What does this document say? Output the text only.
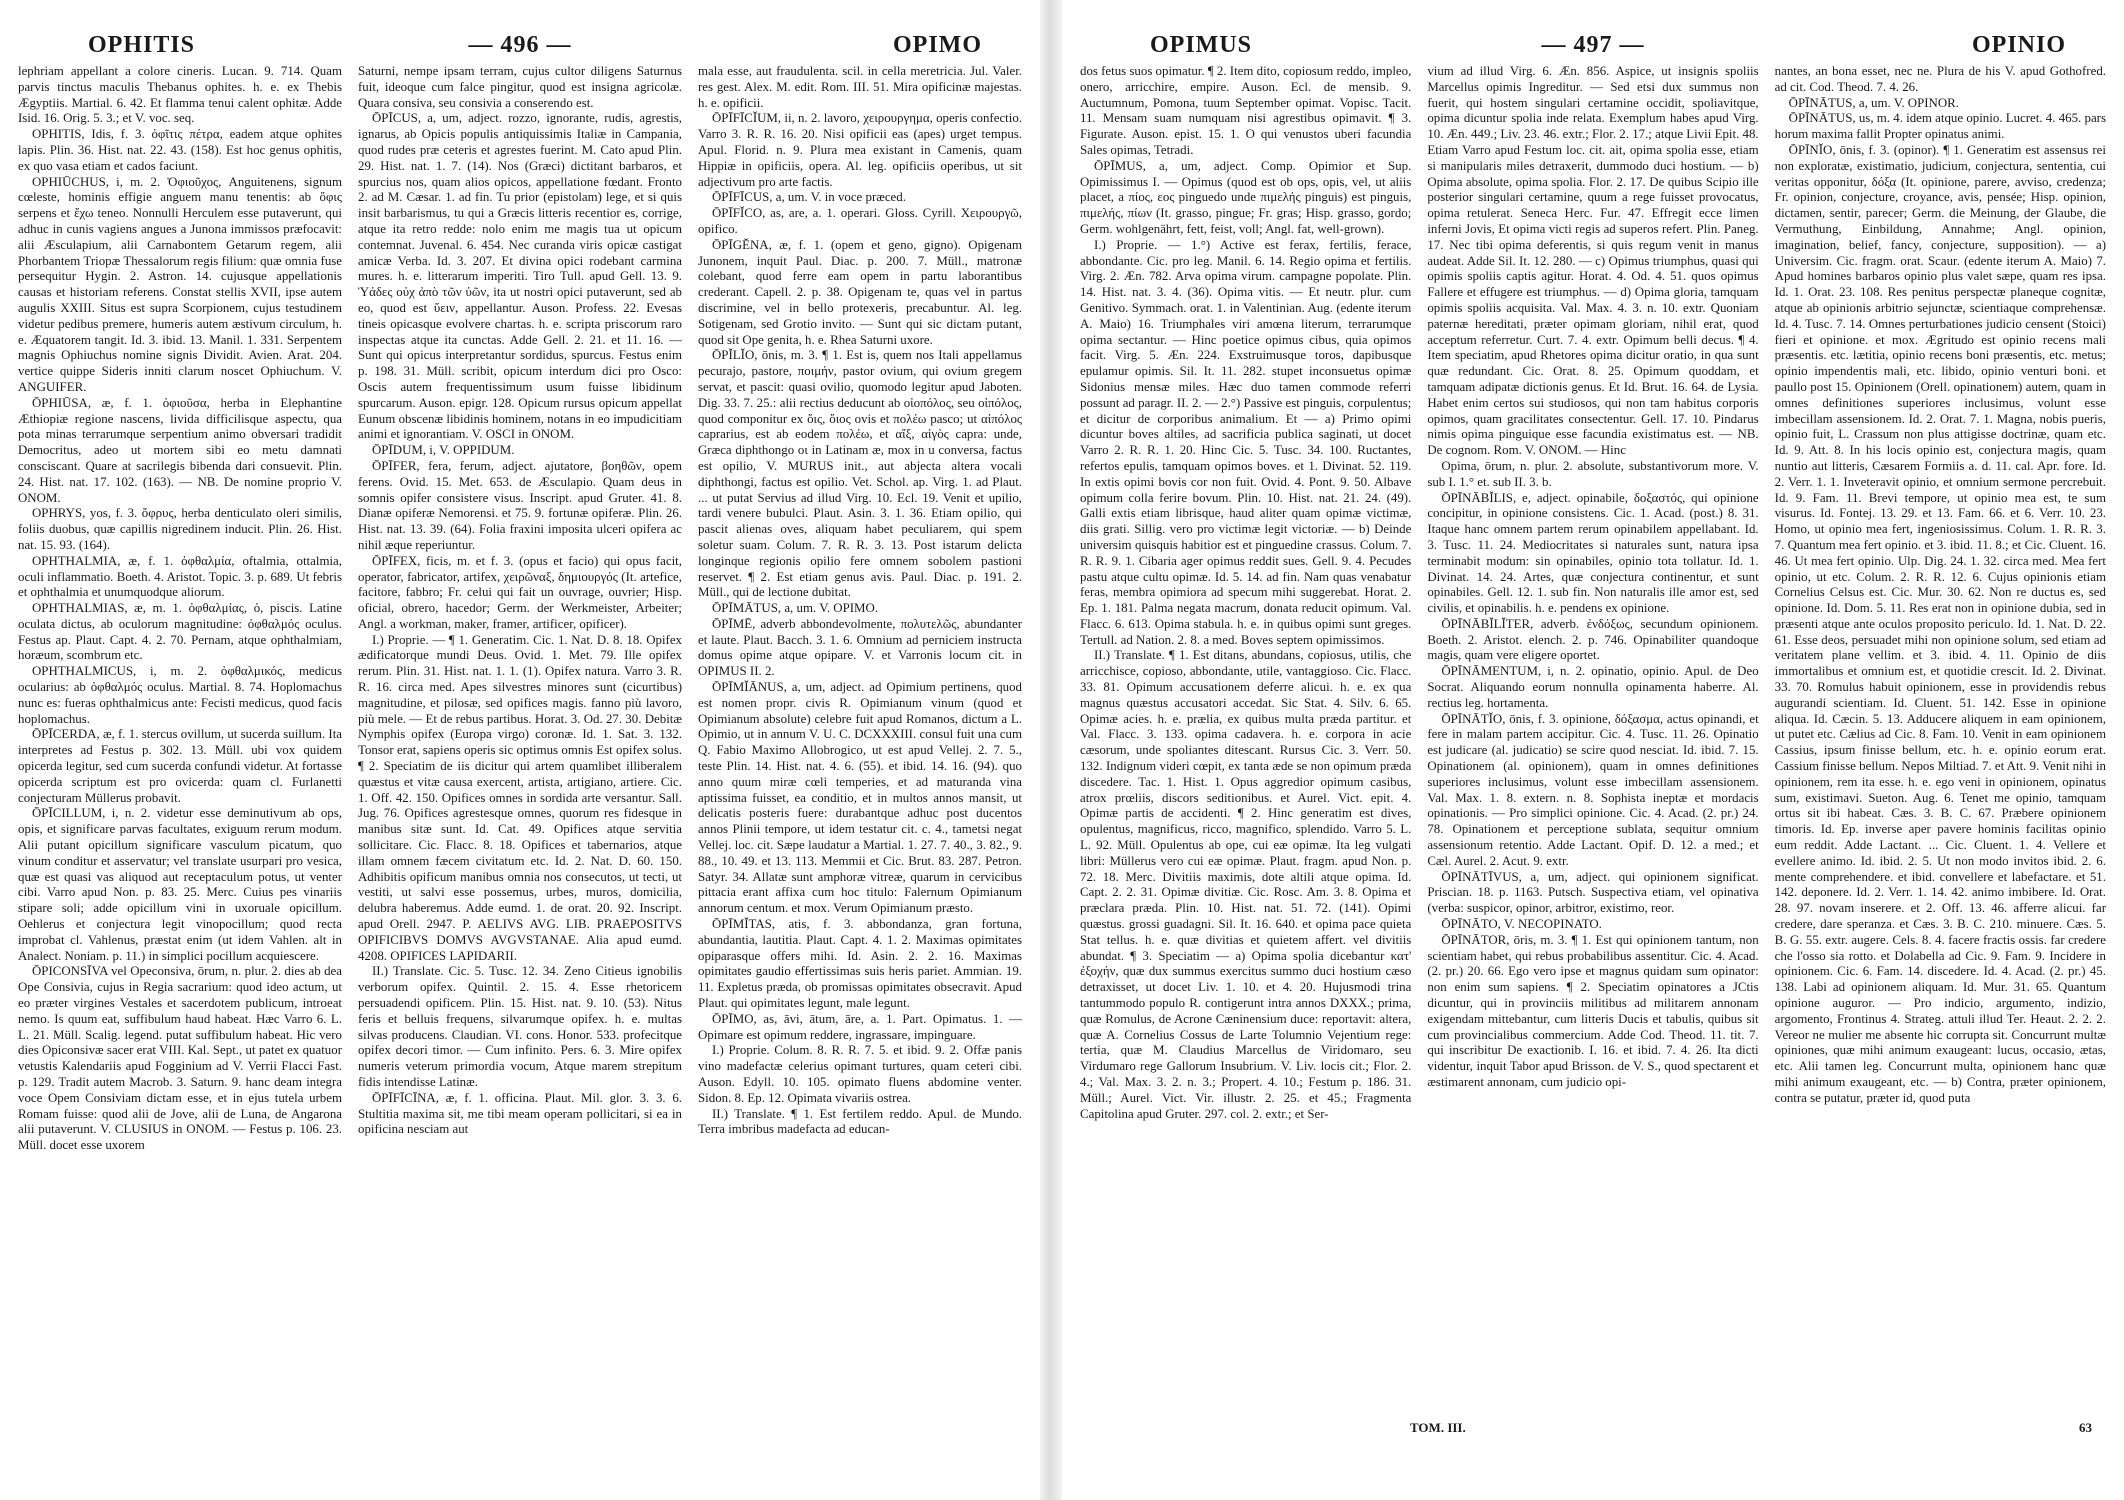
OPHITIS	— 496 —	OPIMO

lephriam appellant a colore cineris. Lucan. 9. 714. Quam parvis tinctus maculis Thebanus ophites. h. e. ex Thebis Ægyptiis. Martial. 6. 42. Et flamma tenui calent ophitæ. Adde Isid. 16. Orig. 5. 3.; et V. voc. seq.

OPHITIS, Idis, f. 3. ὀφῖτις πέτρα, eadem atque ophites lapis. Plin. 36. Hist. nat. 22. 43. (158). Est hoc genus ophitis, ex quo vasa etiam et cados faciunt.

OPHIŪCHUS, i, m. 2. Ὀφιοῦχος, Anguitenens, signum cœleste, hominis effigie anguem manu tenentis: ab ὄφις serpens et ἔχω teneo. Nonnulli Herculem esse putaverunt, qui adhuc in cunis vagiens angues a Junona immissos præfocavit: alii Æsculapium, alii Carnabontem Getarum regem, alii Phorbantem Triopæ Thessalorum regis filium: quæ omnia fuse persequitur Hygin. 2. Astron. 14. cujusque appellationis causas et historiam referens. Constat stellis XVII, ipse autem augulis XXIII. Situs est supra Scorpionem, cujus testudinem videtur pedibus premere, humeris autem æstivum circulum, h. e. Æquatorem tangit. Id. 3. ibid. 13. Manil. 1. 331. Serpentem magnis Ophiuchus nomine signis Dividit. Avien. Arat. 204. vertice quippe Sideris inniti clarum noscet Ophiuchum. V. ANGUIFER.

ŌPHIŪSA, æ, f. 1. ὀφιοῦσα, herba in Elephantine Æthiopiæ regione nascens, livida difficilisque aspectu, qua pota minas terrarumque serpentium animo obversari tradidit Democritus, adeo ut mortem sibi eo metu damnati consciscant. Quare at sacrilegis bibenda dari consuevit. Plin. 24. Hist. nat. 17. 102. (163). — NB. De nomine proprio V. ONOM.

OPHRYS, yos, f. 3. ὄφρυς, herba denticulato oleri similis, foliis duobus, quæ capillis nigredinem inducit. Plin. 26. Hist. nat. 15. 93. (164).

OPHTHALMIA, æ, f. 1. ὀφθαλμία, oftalmia, ottalmia, oculi inflammatio. Boeth. 4. Aristot. Topic. 3. p. 689. Ut febris et ophthalmia et unumquodque aliorum.

OPHTHALMIAS, æ, m. 1. ὀφθαλμίας, ὁ, piscis. Latine oculata dictus, ab oculorum magnitudine: ὀφθαλμός oculus. Festus ap. Plaut. Capt. 4. 2. 70. Pernam, atque ophthalmiam, horæum, scombrum etc.

OPHTHALMICUS, i, m. 2. ὀφθαλμικός, medicus ocularius: ab ὀφθαλμός oculus. Martial. 8. 74. Hoplomachus nunc es: fueras ophthalmicus ante: Fecisti medicus, quod facis hoplomachus.

ŌPĪCERDA, æ, f. 1. stercus ovillum, ut sucerda suillum. Ita interpretes ad Festus p. 302. 13. Müll. ubi vox quidem opicerda legitur, sed cum sucerda confundi videtur. At fortasse opicerda scriptum est pro ovicerda: quam cl. Furlanetti conjecturam Müllerus probavit.

ŌPĪCILLUM, i, n. 2. videtur esse deminutivum ab ops, opis, et significare parvas facultates, exiguum rerum modum. Alii putant opicillum significare vasculum picatum, quo vinum conditur et asservatur; vel translate usurpari pro vesica, quæ est quasi vas aliquod aut receptaculum potus, ut venter cibi. Varro apud Non. p. 83. 25. Merc. Cuius pes vinariis stipare soli; adde opicillum vini in uxoruale opicillum. Oehlerus et conjectura legit vinopocillum; quod recta improbat cl. Vahlenus, præstat enim (ut idem Vahlen. alt in Analect. Noniam. p. 11.) in simplici pocillum acquiescere.

ŌPICONSĪVA vel Opeconsiva, ōrum, n. plur. 2. dies ab dea Ope Consivia, cujus in Regia sacrarium: quod ideo actum, ut eo præter virgines Vestales et sacerdotem publicum, introeat nemo. Is quum eat, suffibulum haud habeat. Hæc Varro 6. L. L. 21. Müll. Scalig. legend. putat suffibulum habeat. Hic vero dies Opiconsivæ sacer erat VIII. Kal. Sept., ut patet ex quatuor vetustis Kalendariis apud Fogginium ad V. Verrii Flacci Fast. p. 129. Tradit autem Macrob. 3. Saturn. 9. hanc deam integra voce Opem Consiviam dictam esse, et in ejus tutela urbem Romam fuisse: quod alii de Jove, alii de Luna, de Angarona alii putaverunt. V. CLUSIUS in ONOM. — Festus p. 106. 23. Müll. docet esse uxorem

Saturni, nempe ipsam terram, cujus cultor diligens Saturnus fuit, ideoque cum falce pingitur, quod est insigna agricolæ. Quara consiva, seu consivia a conserendo est.

ŌPĪCUS, a, um, adject. rozzo, ignorante, rudis, agrestis, ignarus, ab Opicis populis antiquissimis Italiæ in Campania, quod rudes præ ceteris et agrestes fuerint. M. Cato apud Plin. 29. Hist. nat. 1. 7. (14). Nos (Græci) dictitant barbaros, et spurcius nos, quam alios opicos, appellatione fœdant. Fronto 2. ad M. Cæsar. 1. ad fin. Tu prior (epistolam) lege, et si quis insit barbarismus, tu qui a Græcis litteris recentior es, corrige, atque ita retro redde: nolo enim me magis tua ut opicum contemnat. Juvenal. 6. 454. Nec curanda viris opicæ castigat amicæ Verba. Id. 3. 207. Et divina opici rodebant carmina mures. h. e. litterarum imperiti. Tiro Tull. apud Gell. 13. 9. Ὑάδες οὐχ ἀπὸ τῶν ὑῶν, ita ut nostri opici putaverunt, sed ab eo, quod est ὕειν, appellantur. Auson. Profess. 22. Evesas tineis opicasque evolvere chartas. h. e. scripta priscorum raro inspectas atque ita cunctas. Adde Gell. 2. 21. et 11. 16. — Sunt qui opicus interpretantur sordidus, spurcus. Festus enim p. 198. 31. Müll. scribit, opicum interdum dici pro Osco: Oscis autem frequentissimum usum fuisse libidinum spurcarum. Auson. epigr. 128. Opicum rursus opicum appellat Eunum obscenæ libidinis hominem, notans in eo impudicitiam animi et ignorantiam. V. OSCI in ONOM.

ŌPĪDUM, i, V. OPPIDUM.

ŌPĪFER, fera, ferum, adject. ajutatore, βοηθῶν, opem ferens. Ovid. 15. Met. 653. de Æsculapio. Quam deus in somnis opifer consistere visus. Inscript. apud Gruter. 41. 8. Dianæ opiferæ Nemorensi. et 75. 9. fortunæ opiferæ. Plin. 26. Hist. nat. 13. 39. (64). Folia fraxini imposita ulceri opifera ac nihil æque reperiuntur.

ŌPĪFEX, ficis, m. et f. 3. (opus et facio) qui opus facit, operator, fabricator, artifex, χειρῶναξ, δημιουργός (It. artefice, facitore, fabbro; Fr. celui qui fait un ouvrage, ouvrier; Hisp. oficial, obrero, hacedor; Germ. der Werkmeister, Arbeiter; Angl. a workman, maker, framer, artificer, opificer).

I.) Proprie. — ¶ 1. Generatim. Cic. 1. Nat. D. 8. 18. Opifex ædificatorque mundi Deus. Ovid. 1. Met. 79. Ille opifex rerum. Plin. 31. Hist. nat. 1. 1. (1). Opifex natura. Varro 3. R. R. 16. circa med. Apes silvestres minores sunt (cicurtibus) magnitudine, et pilosæ, sed opifices magis. fanno più lavoro, più mele. — Et de rebus partibus. Horat. 3. Od. 27. 30. Debitæ Nymphis opifex (Europa virgo) coronæ. Id. 1. Sat. 3. 132. Tonsor erat, sapiens operis sic optimus omnis Est opifex solus. ¶ 2. Speciatim de iis dicitur qui artem quamlibet illiberalem quæstus et vitæ causa exercent, artista, artigiano, artiere. Cic. 1. Off. 42. 150. Opifices omnes in sordida arte versantur. Sall. Jug. 76. Opifices agrestesque omnes, quorum res fidesque in manibus sitæ sunt. Id. Cat. 49. Opifices atque servitia sollicitare. Cic. Flacc. 8. 18. Opifices et tabernarios, atque illam omnem fæcem civitatum etc. Id. 2. Nat. D. 60. 150. Adhibitis opificum manibus omnia nos consecutos, ut tecti, ut vestiti, ut salvi esse possemus, urbes, muros, domicilia, delubra haberemus. Adde eumd. 1. de orat. 20. 92. Inscript. apud Orell. 2947. P. AELIVS AVG. LIB. PRAEPOSITVS OPIFICIBVS DOMVS AVGVSTANAE. Alia apud eumd. 4208. OPIFICES LAPIDARII.

II.) Translate. Cic. 5. Tusc. 12. 34. Zeno Citieus ignobilis verborum opifex. Quintil. 2. 15. 4. Esse rhetoricem persuadendi opificem. Plin. 15. Hist. nat. 9. 10. (53). Nitus feris et belluis frequens, silvarumque opifex. h. e. multas silvas producens. Claudian. VI. cons. Honor. 533. profecitque opifex decori timor. — Cum infinito. Pers. 6. 3. Mire opifex numeris veterum primordia vocum, Atque marem strepitum fidis intendisse Latinæ.

ŌPĪFĪCĪNA, æ, f. 1. officina. Plaut. Mil. glor. 3. 3. 6. Stultitia maxima sit, me tibi meam operam pollicitari, si ea in opificina nesciam aut

mala esse, aut fraudulenta. scil. in cella meretricia. Jul. Valer. res gest. Alex. M. edit. Rom. III. 51. Mira opificinæ majestas. h. e. opificii.

ŌPĪFĪCĬUM, ii, n. 2. lavoro, χειρουργημα, operis confectio. Varro 3. R. R. 16. 20. Nisi opificii eas (apes) urget tempus. Apul. Florid. n. 9. Plura mea existant in Camenis, quam Hippiæ in opificiis, opera. Al. leg. opificiis operibus, ut sit adjectivum pro arte factis.

ŌPĪFĪCUS, a, um. V. in voce præced.

ŌPĪFĬCO, as, are, a. 1. operari. Gloss. Cyrill. Χειρουργῶ, opifico.

ŌPĪGĔNA, æ, f. 1. (opem et geno, gigno). Opigenam Junonem, inquit Paul. Diac. p. 200. 7. Müll., matronæ colebant, quod ferre eam opem in partu laborantibus crederant. Capell. 2. p. 38. Opigenam te, quas vel in partus discrimine, vel in bello protexeris, precabuntur. Al. leg. Sotigenam, sed Grotio invito. — Sunt qui sic dictam putant, quod sit Ope genita, h. e. Rhea Saturni uxore.

ŌPĬLĬO, ōnis, m. 3. ¶ 1. Est is, quem nos Itali appellamus pecurajo, pastore, ποιμήν, pastor ovium, qui ovium gregem servat, et pascit: quasi ovilio, quomodo legitur apud Jaboten. Dig. 33. 7. 25.: alii rectius deducunt ab οἰοπόλος, seu οἰπόλος, quod componitur ex ὄις, ὄιος ovis et πολέω pasco; ut αἰπόλος caprarius, est ab eodem πολέω, et αἴξ, αἰγὸς capra: unde, Græca diphthongo οι in Latinam æ, mox in u conversa, factus est opilio, V. MURUS init., aut abjecta altera vocali diphthongi, factus est opilio. Vet. Schol. ap. Virg. 1. ad Plaut. ... ut putat Servius ad illud Virg. 10. Ecl. 19. Venit et upilio, tardi venere bubulci. Plaut. Asin. 3. 1. 36. Etiam opilio, qui pascit alienas oves, aliquam habet peculiarem, qui spem soletur suam. Colum. 7. R. R. 3. 13. Post istarum delicta longinque regionis opilio fere omnem sobolem pastioni reservet. ¶ 2. Est etiam genus avis. Paul. Diac. p. 191. 2. Müll., qui de lectione dubitat.

ŌPĪMĀTUS, a, um. V. OPIMO.

ŌPĪMĒ, adverb abbondevolmente, πολυτελῶς, abundanter et laute. Plaut. Bacch. 3. 1. 6. Omnium ad perniciem instructa domus opime atque opipare. V. et Varronis locum cit. in OPIMUS II. 2.

ŌPĪMĬĀNUS, a, um, adject. ad Opimium pertinens, quod est nomen propr. civis R. Opimianum vinum (quod et Opimianum absolute) celebre fuit apud Romanos, dictum a L. Opimio, ut in annum V. U. C. DCXXXIII. consul fuit una cum Q. Fabio Maximo Allobrogico, ut est apud Vellej. 2. 7. 5., teste Plin. 14. Hist. nat. 4. 6. (55). et ibid. 14. 16. (94). quo anno quum miræ cœli temperies, et ad maturanda vina aptissima fuisset, ea conditio, et in multos annos mansit, ut delicatis posteris fuere: durabantque adhuc post ducentos annos Plinii tempore, ut idem testatur cit. c. 4., tametsi negat Vellej. loc. cit. Sæpe laudatur a Martial. 1. 27. 7. 40., 3. 82., 9. 88., 10. 49. et 13. 113. Memmii et Cic. Brut. 83. 287. Petron. Satyr. 34. Allatæ sunt amphoræ vitreæ, quarum in cervicibus pittacia erant affixa cum hoc titulo: Falernum Opimianum annorum centum. et mox. Verum Opimianum præsto.

ŌPĪMĬTAS, atis, f. 3. abbondanza, gran fortuna, abundantia, lautitia. Plaut. Capt. 4. 1. 2. Maximas opimitates opiparasque offers mihi. Id. Asin. 2. 2. 16. Maximas opimitates gaudio effertissimas suis heris pariet. Ammian. 19. 11. Expletus præda, ob promissas opimitates obsecravit. Apud Plaut. qui opimitates legunt, male legunt.

ŌPĪMO, as, āvi, ātum, āre, a. 1. Part. Opimatus. 1. — Opimare est opimum reddere, ingrassare, impinguare.

I.) Proprie. Colum. 8. R. R. 7. 5. et ibid. 9. 2. Offæ panis vino madefactæ celerius opimant turtures, quam ceteri cibi. Auson. Edyll. 10. 105. opimato fluens abdomine venter. Sidon. 8. Ep. 12. Opimata vivariis ostrea.

II.) Translate. ¶ 1. Est fertilem reddo. Apul. de Mundo. Terra imbribus madefacta ad educan-

OPIMUS	— 497 —	OPINIO

dos fetus suos opimatur. ¶ 2. Item dito, copiosum reddo, impleo, onero, arricchire, empire. Auson. Ecl. de mensib. 9. Auctumnum, Pomona, tuum September opimat. Vopisc. Tacit. 11. Mensam suam numquam nisi agrestibus opimavit. ¶ 3. Figurate. Auson. epist. 15. 1. O qui venustos uberi facundia Sales opimas, Tetradi.

ŌPĪMUS, a, um, adject. Comp. Opimior et Sup. Opimissimus I. — Opimus (quod est ob ops, opis, vel, ut aliis placet, a πίος, εος pinguedo unde πιμελής pinguis) est pinguis, πιμελής, πίων (It. grasso, pingue; Fr. gras; Hisp. grasso, gordo; Germ. wohlgenährt, fett, feist, voll; Angl. fat, well-grown).

I.) Proprie. — 1.°) Active est ferax, fertilis, ferace, abbondante. Cic. pro leg. Manil. 6. 14. Regio opima et fertilis. Virg. 2. Æn. 782. Arva opima virum. campagne popolate. Plin. 14. Hist. nat. 3. 4. (36). Opima vitis. — Et neutr. plur. cum Genitivo. Symmach. orat. 1. in Valentinian. Aug. (edente iterum A. Maio) 16. Triumphales viri amœna literum, terrarumque opima sectantur. — Hinc poetice opimus cibus, quia opimos facit. Virg. 5. Æn. 224. Exstruimusque toros, dapibusque epulamur opimis. Sil. It. 11. 282. stupet inconsuetus opimæ Sidonius mensæ miles. Hæc duo tamen commode referri possunt ad paragr. II. 2. — 2.°) Passive est pinguis, corpulentus; et dicitur de corporibus animalium. Et — a) Primo opimi dicuntur boves altiles, ad sacrificia publica saginati, ut docet Varro 2. R. R. 1. 20. Hinc Cic. 5. Tusc. 34. 100. Ructantes, refertos epulis, tamquam opimos boves. et 1. Divinat. 52. 119. In extis opimi bovis cor non fuit. Ovid. 4. Pont. 9. 50. Albave opimum colla ferire bovum. Plin. 10. Hist. nat. 21. 24. (49). Galli extis etiam librisque, haud aliter quam opimæ victimæ, diis grati. Sillig. vero pro victimæ legit victoriæ. — b) Deinde universim quisquis habitior est et pinguedine crassus. Colum. 7. R. R. 9. 1. Cibaria ager opimus reddit sues. Gell. 9. 4. Pecudes pastu atque cultu opimæ. Id. 5. 14. ad fin. Nam quas venabatur feras, membra opimiora ad specum mihi suggerebat. Horat. 2. Ep. 1. 181. Palma negata macrum, donata reducit opimum. Val. Flacc. 6. 613. Opima stabula. h. e. in quibus opimi sunt greges. Tertull. ad Nation. 2. 8. a med. Boves septem opimissimos.

II.) Translate. ¶ 1. Est ditans, abundans, copiosus, utilis, che arricchisce, copioso, abbondante, utile, vantaggioso. Cic. Flacc. 33. 81. Opimum accusationem deferre alicui. h. e. ex qua magnus quæstus accusatori accedat. Sic Stat. 4. Silv. 6. 65. Opimæ acies. h. e. prælia, ex quibus multa præda partitur. et Val. Flacc. 3. 133. opima cadavera. h. e. corpora in acie cæsorum, unde spoliantes ditescant. Rursus Cic. 3. Verr. 50. 132. Indignum videri cœpit, ex tanta æde se non opimum præda discedere. Tac. 1. Hist. 1. Opus aggredior opimum casibus, atrox prœliis, discors seditionibus. et Aurel. Vict. epit. 4. Opimæ partis de accidenti. ¶ 2. Hinc generatim est dives, opulentus, magnificus, ricco, magnifico, splendido. Varro 5. L. L. 92. Müll. Opulentus ab ope, cui eæ opimæ. Ita leg vulgati libri: Müllerus vero cui eæ opimæ. Plaut. fragm. apud Non. p. 72. 18. Merc. Divitiis maximis, dote altili atque opima. Id. Capt. 2. 2. 31. Opimæ divitiæ. Cic. Rosc. Am. 3. 8. Opima et præclara præda. Plin. 10. Hist. nat. 51. 72. (141). Opimi quæstus. grossi guadagni. Sil. It. 16. 640. et opima pace quieta Stat tellus. h. e. quæ divitias et quietem affert. vel divitiis abundat. ¶ 3. Speciatim — a) Opima spolia dicebantur κατ' ἐξοχήν, quæ dux summus exercitus summo duci hostium cæso detraxisset, ut docet Liv. 1. 10. et 4. 20. Hujusmodi trina tantummodo populo R. contigerunt intra annos DXXX.; prima, quæ Romulus, de Acrone Cæninensium duce: reportavit: altera, quæ A. Cornelius Cossus de Larte Tolumnio Vejentium rege: tertia, quæ M. Claudius Marcellus de Viridomaro, seu Virdumaro rege Gallorum Insubrium. V. Liv. locis cit.; Flor. 2. 4.; Val. Max. 3. 2. n. 3.; Propert. 4. 10.; Festum p. 186. 31. Müll.; Aurel. Vict. Vir. illustr. 2. 25. et 45.; Fragmenta Capitolina apud Gruter. 297. col. 2. extr.; et Ser-

vium ad illud Virg. 6. Æn. 856. Aspice, ut insignis spoliis Marcellus opimis Ingreditur. — Sed etsi dux summus non fuerit, qui hostem singulari certamine occidit, spoliavitque, opima dicuntur spolia inde relata. Exemplum habes apud Virg. 10. Æn. 449.; Liv. 23. 46. extr.; Flor. 2. 17.; atque Livii Epit. 48. Etiam Varro apud Festum loc. cit. ait, opima spolia esse, etiam si manipularis miles detraxerit, dummodo duci hostium. — b) Opima absolute, opima spolia. Flor. 2. 17. De quibus Scipio ille posterior singulari certamine, quum a rege fuisset provocatus, opima retulerat. Seneca Herc. Fur. 47. Effregit ecce limen inferni Jovis, Et opima victi regis ad superos refert. Plin. Paneg. 17. Nec tibi opima deferentis, si quis regum venit in manus audeat. Adde Sil. It. 12. 280. — c) Opimus triumphus, quasi qui opimis spoliis captis agitur. Horat. 4. Od. 4. 51. quos opimus Fallere et effugere est triumphus. — d) Opima gloria, tamquam opimis spoliis acquisita. Val. Max. 4. 3. n. 10. extr. Quoniam paternæ hereditati, præter opimam gloriam, nihil erat, quod acceptum referretur. Curt. 7. 4. extr. Opimum belli decus. ¶ 4. Item speciatim, apud Rhetores opima dicitur oratio, in qua sunt quæ redundant. Cic. Orat. 8. 25. Opimum quoddam, et tamquam adipatæ dictionis genus. Et Id. Brut. 16. 64. de Lysia. Habet enim certos sui studiosos, qui non tam habitus corporis opimos, quam gracilitates consectentur. Gell. 17. 10. Pindarus nimis opima pinguique esse facundia existimatus est. — NB. De cognom. Rom. V. ONOM. — Hinc

Opima, ōrum, n. plur. 2. absolute, substantivorum more. V. sub I. 1.° et. sub II. 3. b.

ŌPĪNĀBĬLIS, e, adject. opinabile, δοξαστός, qui opinione concipitur, in opinione consistens. Cic. 1. Acad. (post.) 8. 31. Itaque hanc omnem partem rerum opinabilem appellabant. Id. 3. Tusc. 11. 24. Mediocritates si naturales sunt, natura ipsa terminabit modum: sin opinabiles, opinio tota tollatur. Id. 1. Divinat. 14. 24. Artes, quæ conjectura continentur, et sunt opinabiles. Gell. 12. 1. sub fin. Non naturalis ille amor est, sed civilis, et opinabilis. h. e. pendens ex opinione.

ŌPĪNĀBĬLĬTER, adverb. ἐνδόξως, secundum opinionem. Boeth. 2. Aristot. elench. 2. p. 746. Opinabiliter quandoque magis, quam vere eligere oportet.

ŌPĪNĀMENTUM, i, n. 2. opinatio, opinio. Apul. de Deo Socrat. Aliquando eorum nonnulla opinamenta haberre. Al. rectius leg. hortamenta.

ŌPĪNĀTĬO, ōnis, f. 3. opinione, δόξασμα, actus opinandi, et fere in malam partem accipitur. Cic. 4. Tusc. 11. 26. Opinatio est judicare (al. judicatio) se scire quod nesciat. Id. ibid. 7. 15. Opinationem (al. opinionem), quam in omnes definitiones superiores inclusimus, volunt esse imbecillam assensionem. Val. Max. 1. 8. extern. n. 8. Sophista ineptæ et mordacis opinationis. — Pro simplici opinione. Cic. 4. Acad. (2. pr.) 24. 78. Opinationem et perceptione sublata, sequitur omnium assensionum retentio. Adde Lactant. Opif. D. 12. a med.; et Cæl. Aurel. 2. Acut. 9. extr.

ŌPĪNĀTĪVUS, a, um, adject. qui opinionem significat. Priscian. 18. p. 1163. Putsch. Suspectiva etiam, vel opinativa (verba: suspicor, opinor, arbitror, existimo, reor.

ŌPĪNĀTO, V. NECOPINATO.

ŌPĪNĀTOR, ōris, m. 3. ¶ 1. Est qui opinionem tantum, non scientiam habet, qui rebus probabilibus assentitur. Cic. 4. Acad. (2. pr.) 20. 66. Ego vero ipse et magnus quidam sum opinator: non enim sum sapiens. ¶ 2. Speciatim opinatores a JCtis dicuntur, qui in provinciis militibus ad militarem annonam exigendam mittebantur, cum litteris Ducis et tabulis, quibus sit cum provincialibus commercium. Adde Cod. Theod. 11. tit. 7. qui inscribitur De exactionib. I. 16. et ibid. 7. 4. 26. Ita dicti videntur, inquit Tabor apud Brisson. de V. S., quod spectarent et æstimarent annonam, cum judicio opi-

nantes, an bona esset, nec ne. Plura de his V. apud Gothofred. ad cit. Cod. Theod. 7. 4. 26.

ŌPĪNĀTUS, a, um. V. OPINOR.

ŌPĪNĀTUS, us, m. 4. idem atque opinio. Lucret. 4. 465. pars horum maxima fallit Propter opinatus animi.

ŌPĪNĬO, ōnis, f. 3. (opinor). ¶ 1. Generatim est assensus rei non exploratæ, existimatio, judicium, conjectura, sententia, cui veritas opponitur, δόξα (It. opinione, parere, avviso, credenza; Fr. opinion, conjecture, croyance, avis, pensée; Hisp. opinion, dictamen, sentir, parecer; Germ. die Meinung, der Glaube, die Vermuthung, Einbildung, Annahme; Angl. opinion, imagination, belief, fancy, conjecture, supposition). — a) Universim. Cic. fragm. orat. Scaur. (edente iterum A. Maio) 7. Apud homines barbaros opinio plus valet sæpe, quam res ipsa. Id. 1. Orat. 23. 108. Res penitus perspectæ planeque cognitæ, atque ab opinionis arbitrio sejunctæ, scientiaque comprehensæ. Id. 4. Tusc. 7. 14. Omnes perturbationes judicio censent (Stoici) fieri et opinione. et mox. Ægritudo est opinio recens mali præsentis. etc. lætitia, opinio recens boni præsentis, etc. metus; opinio impendentis mali, etc. libido, opinio venturi boni. et paullo post 15. Opinionem (Orell. opinationem) autem, quam in omnes definitiones superiores inclusimus, volunt esse imbecillam assensionem. Id. 2. Orat. 7. 1. Magna, nobis pueris, opinio fuit, L. Crassum non plus attigisse doctrinæ, quam etc. Id. 9. Att. 8. In his locis opinio est, conjectura magis, quam nuntio aut litteris, Cæsarem Formiis a. d. 11. cal. Apr. fore. Id. 2. Verr. 1. 1. Inveteravit opinio, et omnium sermone percrebuit. Id. 9. Fam. 11. Brevi tempore, ut opinio mea est, te sum visurus. Id. Fontej. 13. 29. et 13. Fam. 66. et 6. Verr. 10. 23. Homo, ut opinio mea fert, ingeniosissimus. Colum. 1. R. R. 3. 7. Quantum mea fert opinio. et 3. ibid. 11. 8.; et Cic. Cluent. 16. 46. Ut mea fert opinio. Ulp. Dig. 24. 1. 32. circa med. Mea fert opinio, ut etc. Colum. 2. R. R. 12. 6. Cujus opinionis etiam Cornelius Celsus est. Cic. Mur. 30. 62. Non re ductus es, sed opinione. Id. Dom. 5. 11. Res erat non in opinione dubia, sed in præsenti atque ante oculos proposito periculo. Id. 1. Nat. D. 22. 61. Esse deos, persuadet mihi non opinione solum, sed etiam ad veritatem plane vellim. et 3. ibid. 4. 11. Opinio de diis immortalibus et omnium est, et quotidie crescit. Id. 2. Divinat. 33. 70. Romulus habuit opinionem, esse in providendis rebus augurandi scientiam. Id. Cluent. 51. 142. Esse in opinione aliqua. Id. Cæcin. 5. 13. Adducere aliquem in eam opinionem, ut putet etc. Cælius ad Cic. 8. Fam. 10. Venit in eam opinionem Cassius, ipsum finisse bellum, etc. h. e. opinio eorum erat. Cassium finisse bellum. Nepos Miltiad. 7. et Att. 9. Venit nihi in opinionem, rem ita esse. h. e. ego veni in opinionem, opinatus sum, existimavi. Sueton. Aug. 6. Tenet me opinio, tamquam ortus sit ibi habeat. Cæs. 3. B. C. 67. Præbere opinionem timoris. Id. Ep. inverse aper pavere hominis facilitas opinio eum reddit. Adde Lactant. ... Cic. Cluent. 1. 4. Vellere et evellere animo. Id. ibid. 2. 5. Ut non modo invitos ibid. 2. 6. mente comprehendere. et ibid. convellere et labefactare. et 51. 142. deponere. Id. 2. Verr. 1. 14. 42. animo imbibere. Id. Orat. 28. 97. novam inserere. et 2. Off. 13. 46. afferre alicui. far credere, dare speranza. et Cæs. 3. B. C. 210. minuere. Cæs. 5. B. G. 55. extr. augere. Cels. 8. 4. facere fractis ossis. far credere che l'osso sia rotto. et Dolabella ad Cic. 9. Fam. 9. Incidere in opinionem. Cic. 6. Fam. 14. discedere. Id. 4. Acad. (2. pr.) 45. 138. Labi ad opinionem aliquam. Id. Mur. 31. 65. Quantum opinione auguror. — Pro indicio, argumento, indizio, argomento, Frontinus 4. Strateg. attuli illud Ter. Heaut. 2. 2. 2. Vereor ne mulier me absente hic corrupta sit. Concurrunt multæ opiniones, quæ mihi animum exaugeant: lucus, occasio, ætas, etc. Alii tamen leg. Concurrunt multa, opinionem hanc quæ mihi animum exaugeant, etc. — b) Contra, præter opinionem, contra se putatur, præter id, quod puta

TOM. III.	63
